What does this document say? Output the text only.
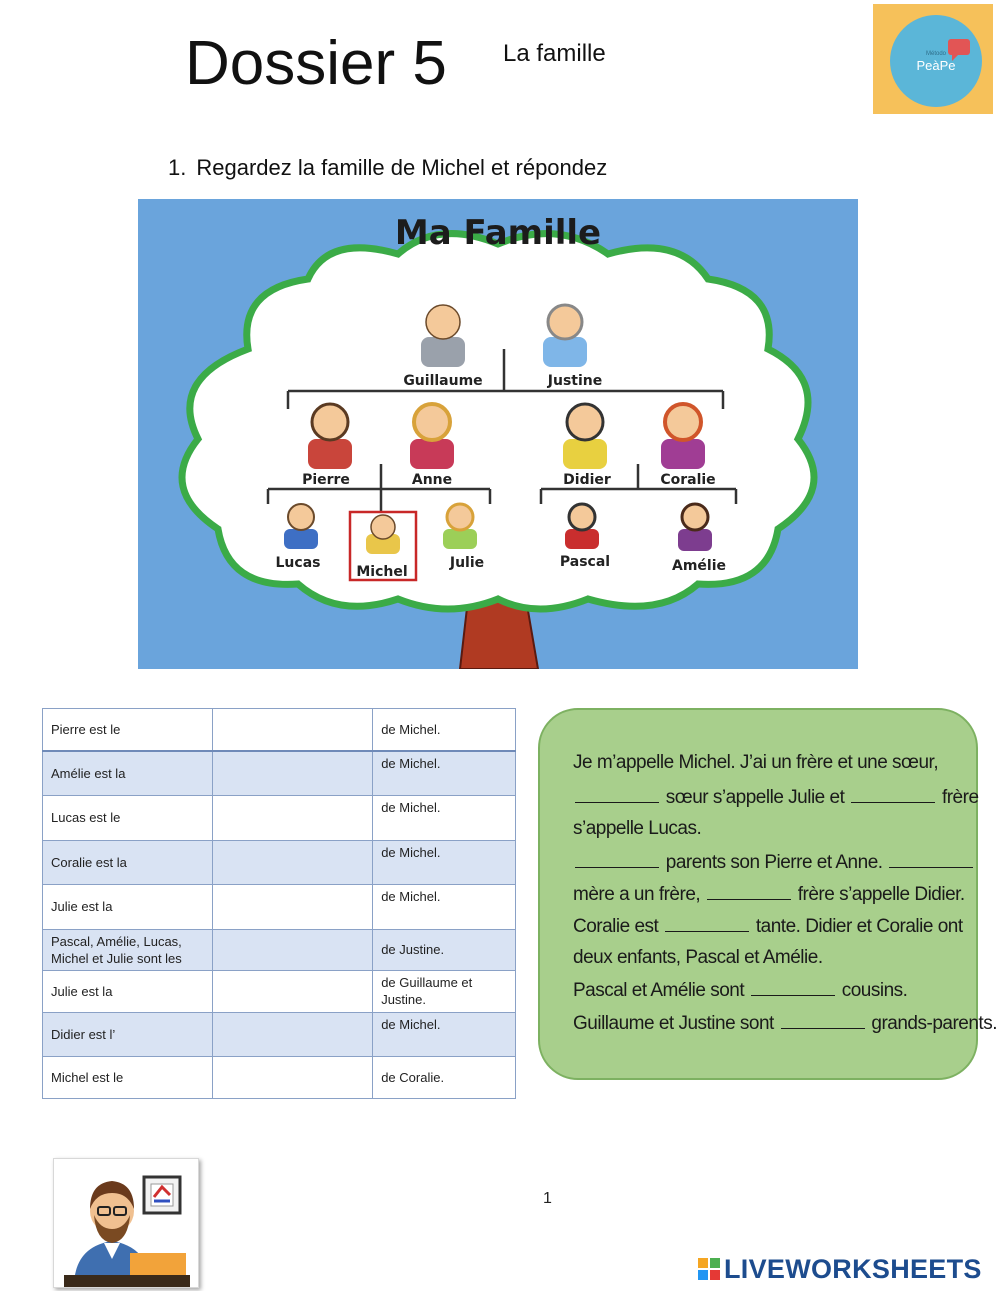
Dossier 5 La famille	Método
PeàPe
1. Regardez la famille de Michel et répondez
Ma Famille
Guillaume	Justine
Pierre	Anne	Didier	Coralie
Lucas
Michel
Julie	Pascal	Amélie
Pierre est le		de Michel.
Amélie est la		de Michel.
Lucas est le		de Michel.
Coralie est la		de Michel.
Julie est la		de Michel.
Pascal, Amélie, Lucas, Michel et Julie sont les		de Justine.
Julie est la		de Guillaume et Justine.
Didier est l’		de Michel.
Michel est le		de Coralie.
Je m’appelle Michel. J’ai un frère et une sœur,
sœur s’appelle Julie et	frère
s’appelle Lucas.
parents son Pierre et Anne.
mère a un frère,	frère s’appelle Didier.
Coralie est	tante. Didier et Coralie ont
deux enfants, Pascal et Amélie.
Pascal et Amélie sont	cousins.
Guillaume et Justine sont	grands-parents.
1
LIVEWORKSHEETS
